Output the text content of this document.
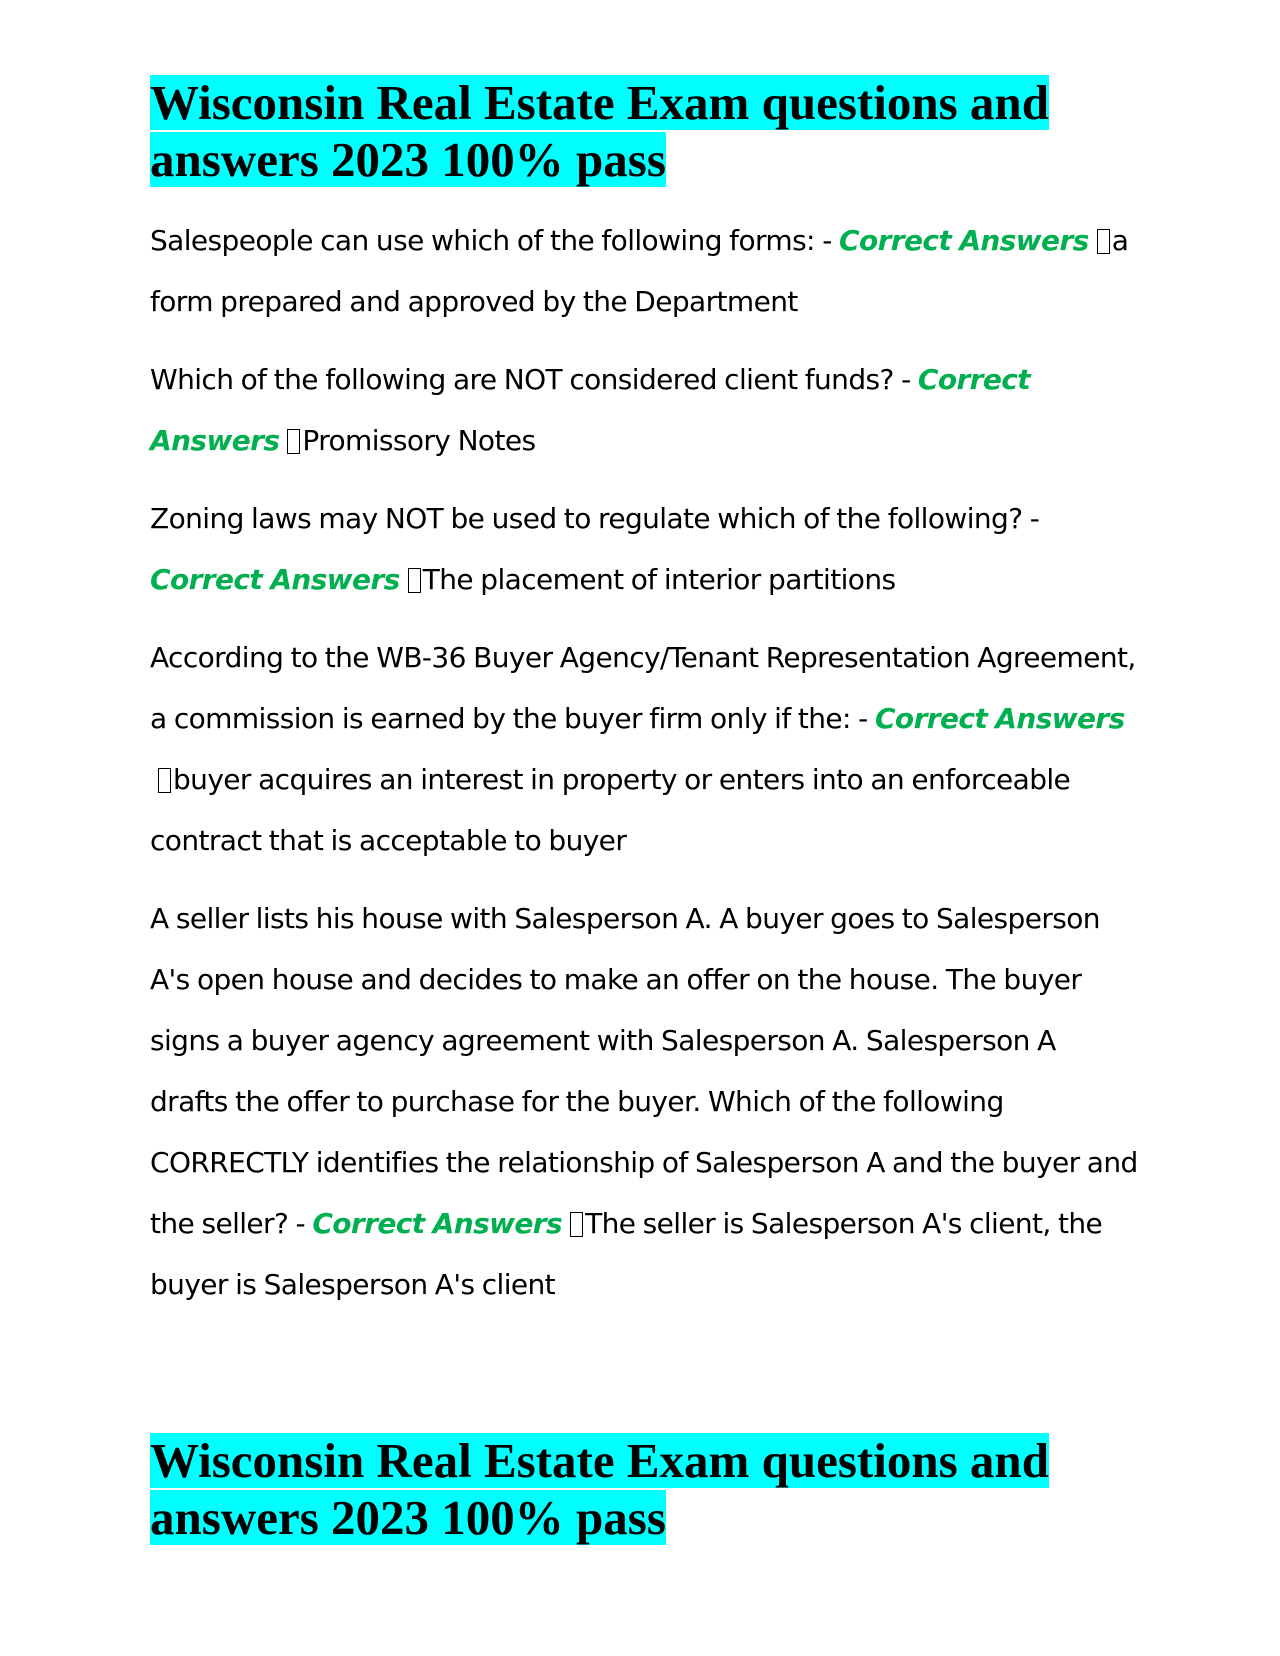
Wisconsin Real Estate Exam questions and answers 2023 100% pass

Salespeople can use which of the following forms: - Correct Answers a form prepared and approved by the Department

Which of the following are NOT considered client funds? - Correct Answers Promissory Notes

Zoning laws may NOT be used to regulate which of the following? - Correct Answers The placement of interior partitions

According to the WB-36 Buyer Agency/Tenant Representation Agreement, a commission is earned by the buyer firm only if the: - Correct Answersbuyer acquires an interest in property or enters into an enforceable contract that is acceptable to buyer

A seller lists his house with Salesperson A. A buyer goes to Salesperson A's open house and decides to make an offer on the house. The buyer signs a buyer agency agreement with Salesperson A. Salesperson A drafts the offer to purchase for the buyer. Which of the following CORRECTLY identifies the relationship of Salesperson A and the buyer and the seller? - Correct Answers The seller is Salesperson A's client, the buyer is Salesperson A's client

Wisconsin Real Estate Exam questions and answers 2023 100% pass
